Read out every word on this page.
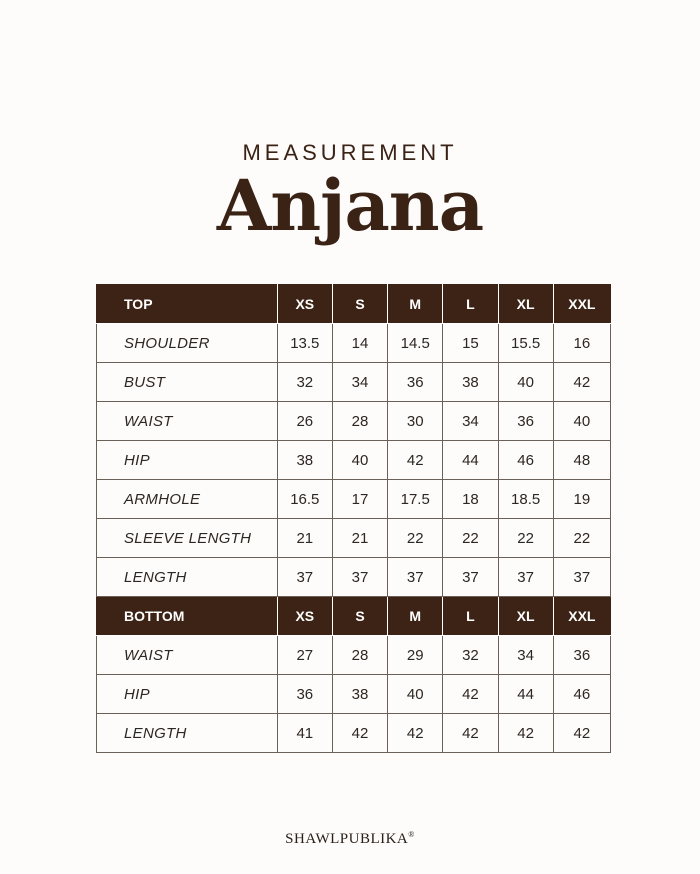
MEASUREMENT
Anjana
TOP	XS	S	M	L	XL	XXL
SHOULDER	13.5	14	14.5	15	15.5	16
BUST	32	34	36	38	40	42
WAIST	26	28	30	34	36	40
HIP	38	40	42	44	46	48
ARMHOLE	16.5	17	17.5	18	18.5	19
SLEEVE LENGTH	21	21	22	22	22	22
LENGTH	37	37	37	37	37	37
BOTTOM	XS	S	M	L	XL	XXL
WAIST	27	28	29	32	34	36
HIP	36	38	40	42	44	46
LENGTH	41	42	42	42	42	42
SHAWLPUBLIKA®
